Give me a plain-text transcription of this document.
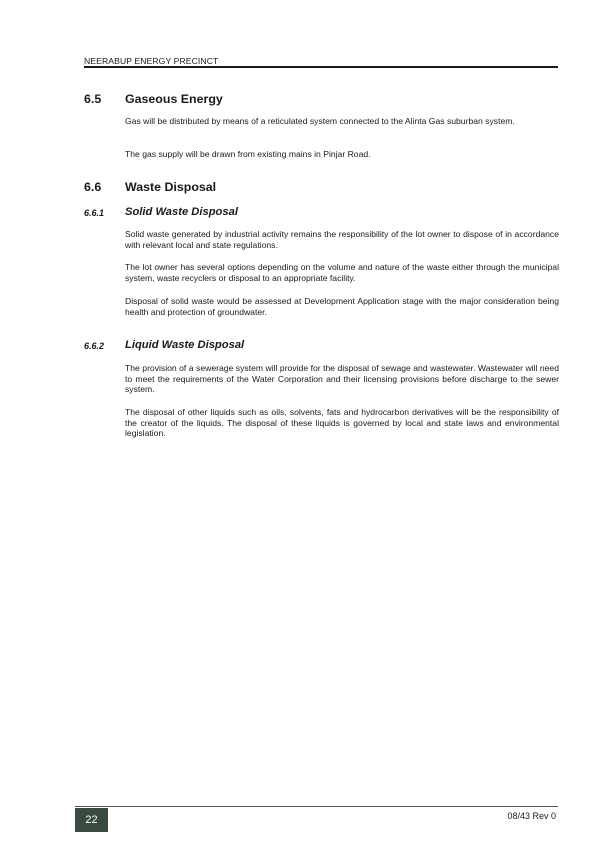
NEERABUP ENERGY PRECINCT
6.5 Gaseous Energy

Gas will be distributed by means of a reticulated system connected to the Alinta Gas suburban system.

The gas supply will be drawn from existing mains in Pinjar Road.

6.6 Waste Disposal
6.6.1 Solid Waste Disposal

Solid waste generated by industrial activity remains the responsibility of the lot owner to dispose of in accordance with relevant local and state regulations.

The lot owner has several options depending on the volume and nature of the waste either through the municipal system, waste recyclers or disposal to an appropriate facility.

Disposal of solid waste would be assessed at Development Application stage with the major consideration being health and protection of groundwater.

6.6.2 Liquid Waste Disposal

The provision of a sewerage system will provide for the disposal of sewage and wastewater. Wastewater will need to meet the requirements of the Water Corporation and their licensing provisions before discharge to the sewer system.

The disposal of other liquids such as oils, solvents, fats and hydrocarbon derivatives will be the responsibility of the creator of the liquids. The disposal of these liquids is governed by local and state laws and environmental legislation.

22	08/43 Rev 0
